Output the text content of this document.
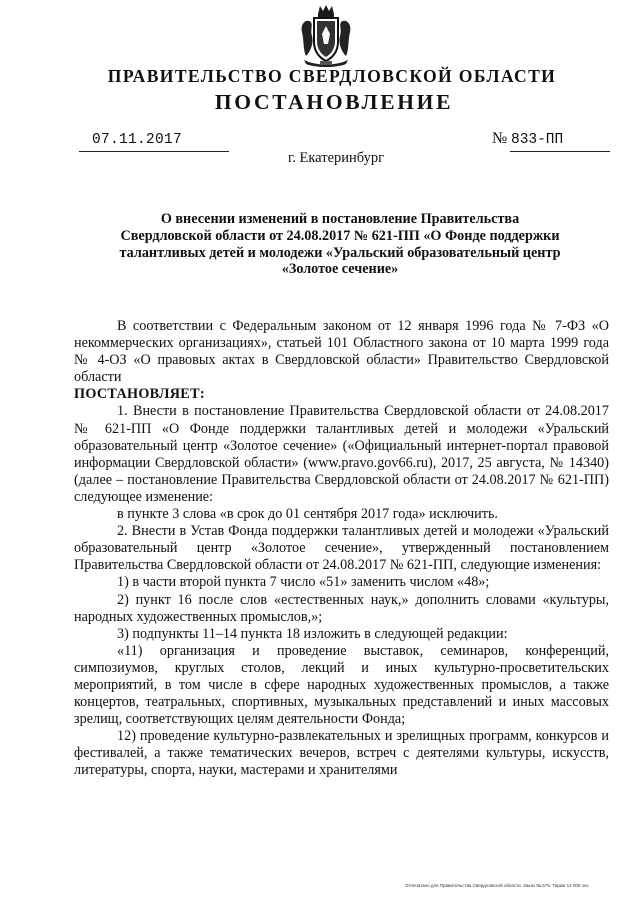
ПРАВИТЕЛЬСТВО СВЕРДЛОВСКОЙ ОБЛАСТИ
ПОСТАНОВЛЕНИЕ
07.11.2017	№ 833-ПП
г. Екатеринбург
О внесении изменений в постановление Правительства
Свердловской области от 24.08.2017 № 621-ПП «О Фонде поддержки
талантливых детей и молодежи «Уральский образовательный центр
«Золотое сечение»

В соответствии с Федеральным законом от 12 января 1996 года № 7-ФЗ «О некоммерческих организациях», статьей 101 Областного закона от 10 марта 1999 года № 4-ОЗ «О правовых актах в Свердловской области» Правительство Свердловской области

ПОСТАНОВЛЯЕТ:

1. Внести в постановление Правительства Свердловской области от 24.08.2017 № 621-ПП «О Фонде поддержки талантливых детей и молодежи «Уральский образовательный центр «Золотое сечение» («Официальный интернет-портал правовой информации Свердловской области» (www.pravo.gov66.ru), 2017, 25 августа, № 14340) (далее – постановление Правительства Свердловской области от 24.08.2017 № 621-ПП) следующее изменение:

в пункте 3 слова «в срок до 01 сентября 2017 года» исключить.

2. Внести в Устав Фонда поддержки талантливых детей и молодежи «Уральский образовательный центр «Золотое сечение», утвержденный постановлением Правительства Свердловской области от 24.08.2017 № 621-ПП, следующие изменения:

1) в части второй пункта 7 число «51» заменить числом «48»;

2) пункт 16 после слов «естественных наук,» дополнить словами «культуры, народных художественных промыслов,»;

3) подпункты 11–14 пункта 18 изложить в следующей редакции:

«11) организация и проведение выставок, семинаров, конференций, симпозиумов, круглых столов, лекций и иных культурно-просветительских мероприятий, в том числе в сфере народных художественных промыслов, а также концертов, театральных, спортивных, музыкальных представлений и иных массовых зрелищ, соответствующих целям деятельности Фонда;

12) проведение культурно-развлекательных и зрелищных программ, конкурсов и фестивалей, а также тематических вечеров, встреч с деятелями культуры, искусств, литературы, спорта, науки, мастерами и хранителями

Отпечатано для Правительства Свердловской области. Заказ № 575. Тираж 14 000 экз.
